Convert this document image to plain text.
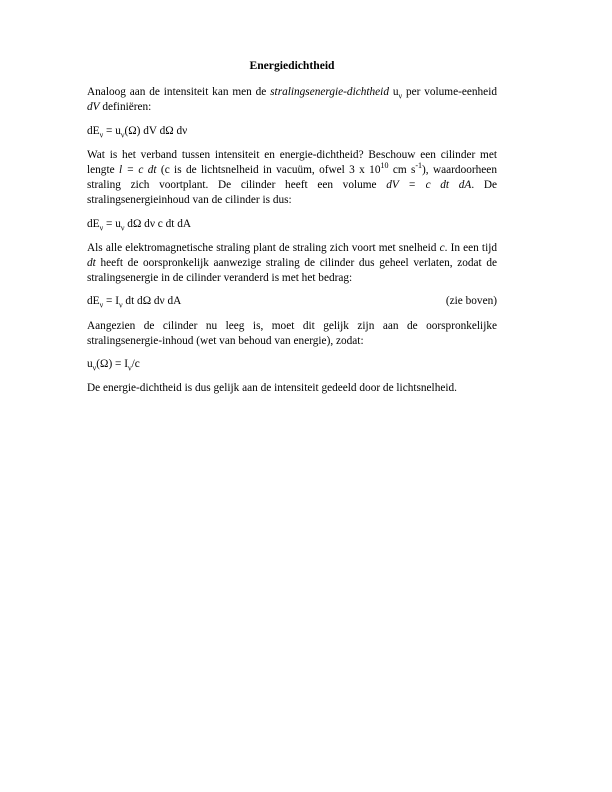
Energiedichtheid

Analoog aan de intensiteit kan men de stralingsenergie-dichtheid $u_\nu$ per volume-eenheid dV definiëren:

$dE_\nu = u_\nu(\Omega)$ dV dΩ dν

Wat is het verband tussen intensiteit en energie-dichtheid? Beschouw een cilinder met lengte l = c dt (c is de lichtsnelheid in vacuüm, ofwel 3 x $10^{10}$ cm $s^{-1}$), waardoorheen straling zich voortplant. De cilinder heeft een volume dV = c dt dA. De stralingsenergieinhoud van de cilinder is dus:

$dE_\nu = u_\nu$ dΩ dν c dt dA

Als alle elektromagnetische straling plant de straling zich voort met snelheid c. In een tijd dt heeft de oorspronkelijk aanwezige straling de cilinder dus geheel verlaten, zodat de stralingsenergie in de cilinder veranderd is met het bedrag:

$dE_\nu = I_\nu$ dt dΩ dν dA	(zie boven)

Aangezien de cilinder nu leeg is, moet dit gelijk zijn aan de oorspronkelijke stralingsenergie-inhoud (wet van behoud van energie), zodat:

$u_\nu(\Omega) = I_\nu/c$

De energie-dichtheid is dus gelijk aan de intensiteit gedeeld door de lichtsnelheid.
